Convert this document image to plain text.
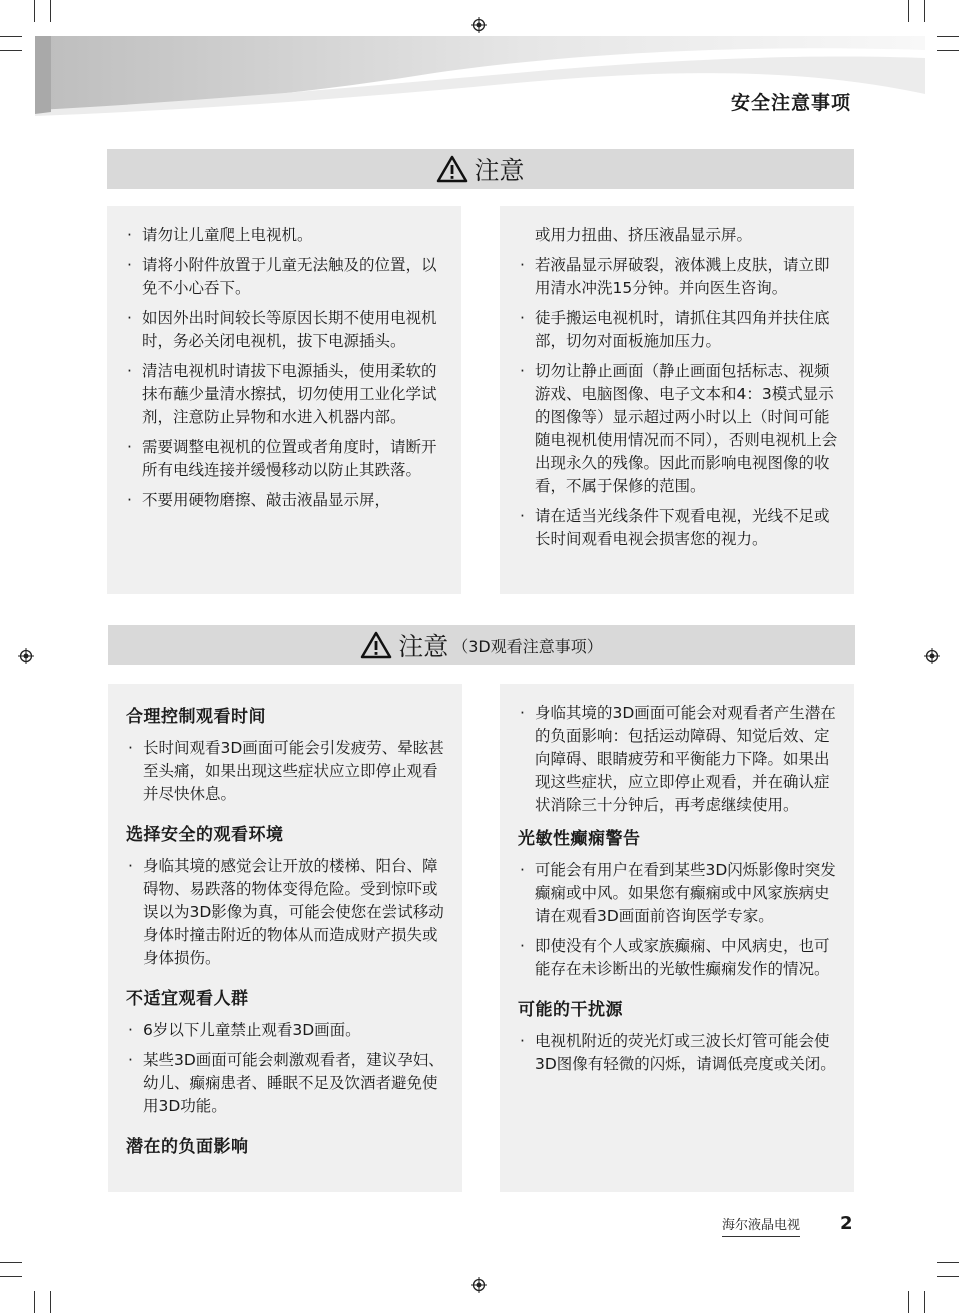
安全注意事项
注意
· 请勿让儿童爬上电视机。
· 请将小附件放置于儿童无法触及的位置，以免不小心吞下。
· 如因外出时间较长等原因长期不使用电视机时，务必关闭电视机，拔下电源插头。
· 清洁电视机时请拔下电源插头，使用柔软的抹布蘸少量清水擦拭，切勿使用工业化学试剂，注意防止异物和水进入机器内部。
· 需要调整电视机的位置或者角度时，请断开所有电线连接并缓慢移动以防止其跌落。
· 不要用硬物磨擦、敲击液晶显示屏，
或用力扭曲、挤压液晶显示屏。
· 若液晶显示屏破裂，液体溅上皮肤，请立即用清水冲洗15分钟。并向医生咨询。
· 徒手搬运电视机时，请抓住其四角并扶住底部，切勿对面板施加压力。
· 切勿让静止画面（静止画面包括标志、视频游戏、电脑图像、电子文本和4：3模式显示的图像等）显示超过两小时以上（时间可能随电视机使用情况而不同），否则电视机上会出现永久的残像。因此而影响电视图像的收看，不属于保修的范围。
· 请在适当光线条件下观看电视，光线不足或长时间观看电视会损害您的视力。
注意 （3D观看注意事项）
合理控制观看时间
· 长时间观看3D画面可能会引发疲劳、晕眩甚至头痛，如果出现这些症状应立即停止观看并尽快休息。
选择安全的观看环境
· 身临其境的感觉会让开放的楼梯、阳台、障碍物、易跌落的物体变得危险。受到惊吓或误以为3D影像为真，可能会使您在尝试移动身体时撞击附近的物体从而造成财产损失或身体损伤。
不适宜观看人群
· 6岁以下儿童禁止观看3D画面。
· 某些3D画面可能会刺激观看者，建议孕妇、幼儿、癫痫患者、睡眠不足及饮酒者避免使用3D功能。
潜在的负面影响
· 身临其境的3D画面可能会对观看者产生潜在的负面影响：包括运动障碍、知觉后效、定向障碍、眼睛疲劳和平衡能力下降。如果出现这些症状，应立即停止观看，并在确认症状消除三十分钟后，再考虑继续使用。
光敏性癫痫警告
· 可能会有用户在看到某些3D闪烁影像时突发癫痫或中风。如果您有癫痫或中风家族病史请在观看3D画面前咨询医学专家。
· 即使没有个人或家族癫痫、中风病史，也可能存在未诊断出的光敏性癫痫发作的情况。
可能的干扰源
· 电视机附近的荧光灯或三波长灯管可能会使3D图像有轻微的闪烁，请调低亮度或关闭。
海尔液晶电视 2
